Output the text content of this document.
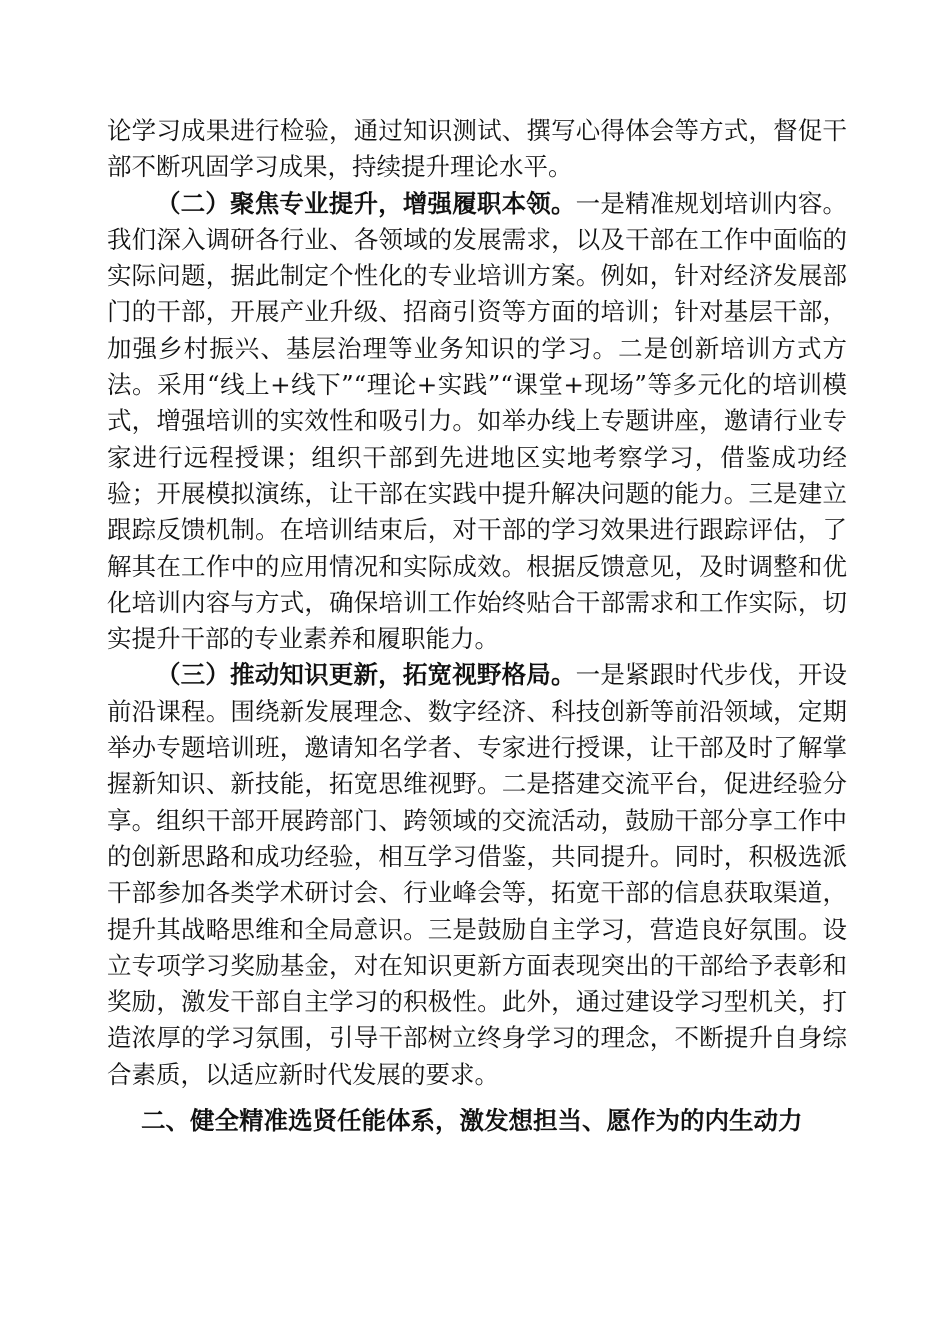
论学习成果进行检验，通过知识测试、撰写心得体会等方式，督促干部不断巩固学习成果，持续提升理论水平。

（二）聚焦专业提升，增强履职本领。一是精准规划培训内容。我们深入调研各行业、各领域的发展需求，以及干部在工作中面临的实际问题，据此制定个性化的专业培训方案。例如，针对经济发展部门的干部，开展产业升级、招商引资等方面的培训；针对基层干部，加强乡村振兴、基层治理等业务知识的学习。二是创新培训方式方法。采用“线上+线下”“理论+实践”“课堂+现场”等多元化的培训模式，增强培训的实效性和吸引力。如举办线上专题讲座，邀请行业专家进行远程授课；组织干部到先进地区实地考察学习，借鉴成功经验；开展模拟演练，让干部在实践中提升解决问题的能力。三是建立跟踪反馈机制。在培训结束后，对干部的学习效果进行跟踪评估，了解其在工作中的应用情况和实际成效。根据反馈意见，及时调整和优化培训内容与方式，确保培训工作始终贴合干部需求和工作实际，切实提升干部的专业素养和履职能力。

（三）推动知识更新，拓宽视野格局。一是紧跟时代步伐，开设前沿课程。围绕新发展理念、数字经济、科技创新等前沿领域，定期举办专题培训班，邀请知名学者、专家进行授课，让干部及时了解掌握新知识、新技能，拓宽思维视野。二是搭建交流平台，促进经验分享。组织干部开展跨部门、跨领域的交流活动，鼓励干部分享工作中的创新思路和成功经验，相互学习借鉴，共同提升。同时，积极选派干部参加各类学术研讨会、行业峰会等，拓宽干部的信息获取渠道，提升其战略思维和全局意识。三是鼓励自主学习，营造良好氛围。设立专项学习奖励基金，对在知识更新方面表现突出的干部给予表彰和奖励，激发干部自主学习的积极性。此外，通过建设学习型机关，打造浓厚的学习氛围，引导干部树立终身学习的理念，不断提升自身综合素质，以适应新时代发展的要求。

二、健全精准选贤任能体系，激发想担当、愿作为的内生动力
